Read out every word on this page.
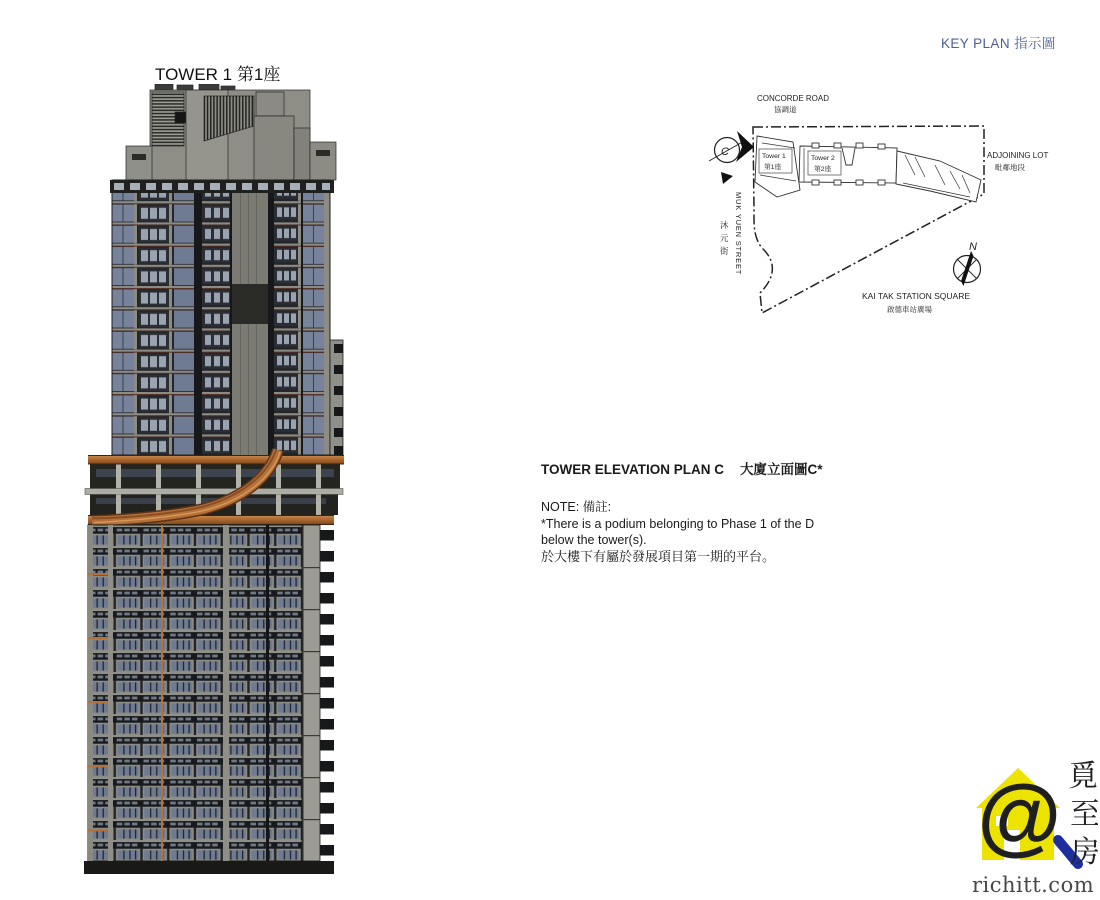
KEY PLAN 指示圖
TOWER 1 第1座
Tower 1
第1座
Tower 2
第2座
CONCORDE ROAD
協調道
ADJOINING LOT
毗鄰地段
KAI TAK STATION SQUARE
啟德車站廣場
MUK YUEN STREET
沐
元
街
C
N
TOWER ELEVATION PLAN C 大廈立面圖C*
NOTE: 備註:
*There is a podium belonging to Phase 1 of the D
below the tower(s).
於大樓下有屬於發展項目第一期的平台。
@ 覓
至
房
richitt.com
